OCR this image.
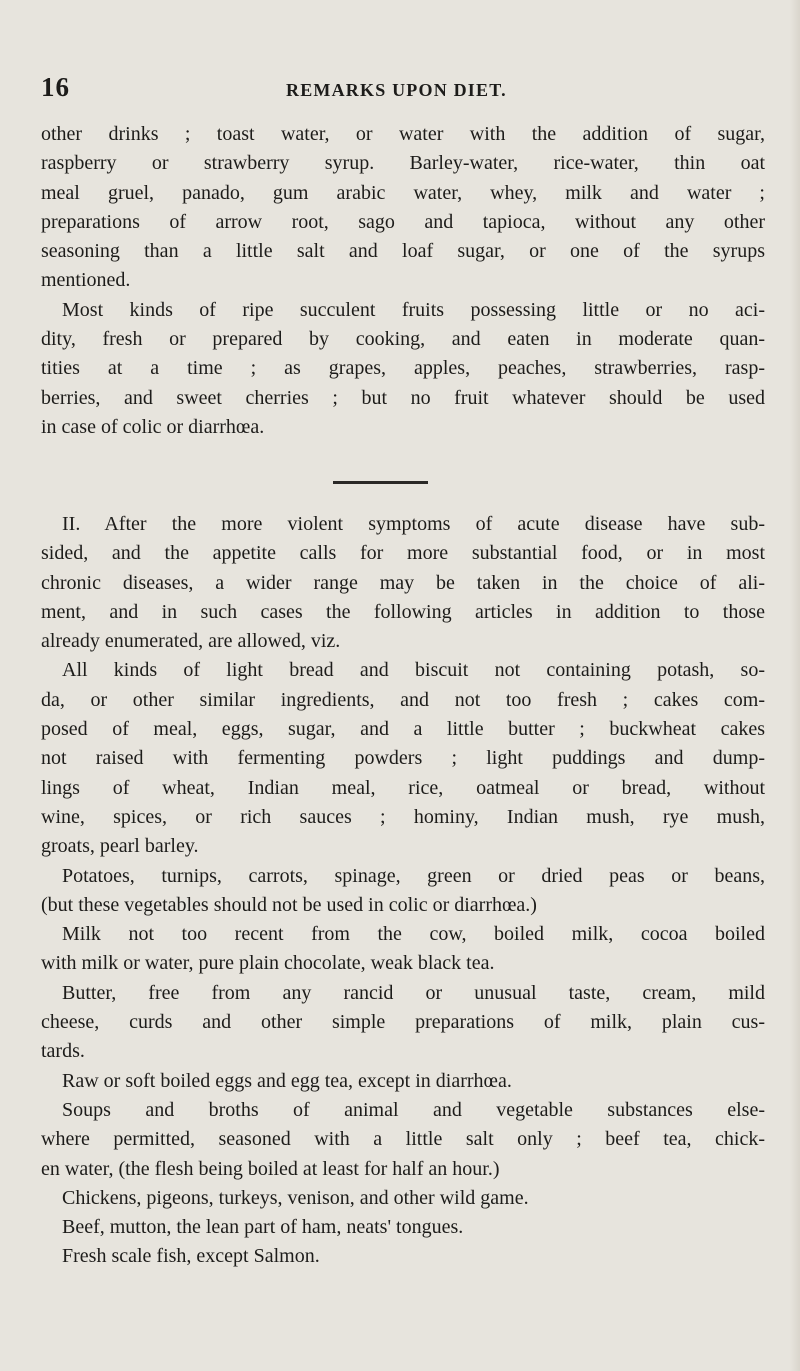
16	REMARKS UPON DIET.
other drinks ; toast water, or water with the addition of sugar,
raspberry or strawberry syrup. Barley-water, rice-water, thin oat
meal gruel, panado, gum arabic water, whey, milk and water ;
preparations of arrow root, sago and tapioca, without any other
seasoning than a little salt and loaf sugar, or one of the syrups
mentioned.
Most kinds of ripe succulent fruits possessing little or no aci-
dity, fresh or prepared by cooking, and eaten in moderate quan-
tities at a time ; as grapes, apples, peaches, strawberries, rasp-
berries, and sweet cherries ; but no fruit whatever should be used
in case of colic or diarrhœa.
II. After the more violent symptoms of acute disease have sub-
sided, and the appetite calls for more substantial food, or in most
chronic diseases, a wider range may be taken in the choice of ali-
ment, and in such cases the following articles in addition to those
already enumerated, are allowed, viz.
All kinds of light bread and biscuit not containing potash, so-
da, or other similar ingredients, and not too fresh ; cakes com-
posed of meal, eggs, sugar, and a little butter ; buckwheat cakes
not raised with fermenting powders ; light puddings and dump-
lings of wheat, Indian meal, rice, oatmeal or bread, without
wine, spices, or rich sauces ; hominy, Indian mush, rye mush,
groats, pearl barley.
Potatoes, turnips, carrots, spinage, green or dried peas or beans,
(but these vegetables should not be used in colic or diarrhœa.)
Milk not too recent from the cow, boiled milk, cocoa boiled
with milk or water, pure plain chocolate, weak black tea.
Butter, free from any rancid or unusual taste, cream, mild
cheese, curds and other simple preparations of milk, plain cus-
tards.
Raw or soft boiled eggs and egg tea, except in diarrhœa.
Soups and broths of animal and vegetable substances else-
where permitted, seasoned with a little salt only ; beef tea, chick-
en water, (the flesh being boiled at least for half an hour.)
Chickens, pigeons, turkeys, venison, and other wild game.
Beef, mutton, the lean part of ham, neats' tongues.
Fresh scale fish, except Salmon.
